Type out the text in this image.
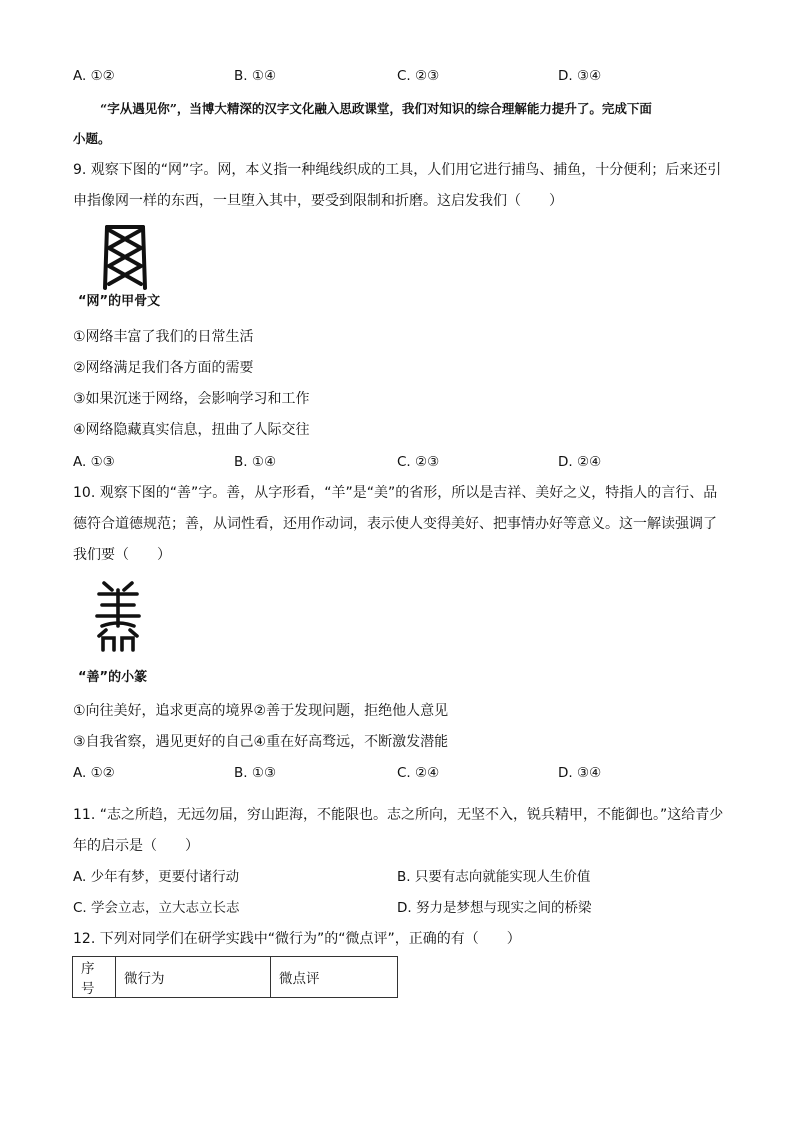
A. ①②	B. ①④	C. ②③	D. ③④
“字从遇见你”，当博大精深的汉字文化融入思政课堂，我们对知识的综合理解能力提升了。完成下面
小题。
9. 观察下图的“网”字。网，本义指一种绳线织成的工具，人们用它进行捕鸟、捕鱼，十分便利；后来还引
申指像网一样的东西，一旦堕入其中，要受到限制和折磨。这启发我们（　　）
“网”的甲骨文
①网络丰富了我们的日常生活
②网络满足我们各方面的需要
③如果沉迷于网络，会影响学习和工作
④网络隐藏真实信息，扭曲了人际交往
A. ①③	B. ①④	C. ②③	D. ②④
10. 观察下图的“善”字。善，从字形看，“羊”是“美”的省形，所以是吉祥、美好之义，特指人的言行、品
德符合道德规范；善，从词性看，还用作动词，表示使人变得美好、把事情办好等意义。这一解读强调了
我们要（　　）
“善”的小篆
①向往美好，追求更高的境界②善于发现问题，拒绝他人意见
③自我省察，遇见更好的自己④重在好高骛远，不断激发潜能
A. ①②	B. ①③	C. ②④	D. ③④
11. “志之所趋，无远勿届，穷山距海，不能限也。志之所向，无坚不入，锐兵精甲，不能御也。”这给青少
年的启示是（　　）
A. 少年有梦，更要付诸行动	B. 只要有志向就能实现人生价值
C. 学会立志，立大志立长志	D. 努力是梦想与现实之间的桥梁
12. 下列对同学们在研学实践中“微行为”的“微点评”，正确的有（　　）
序号	微行为	微点评
